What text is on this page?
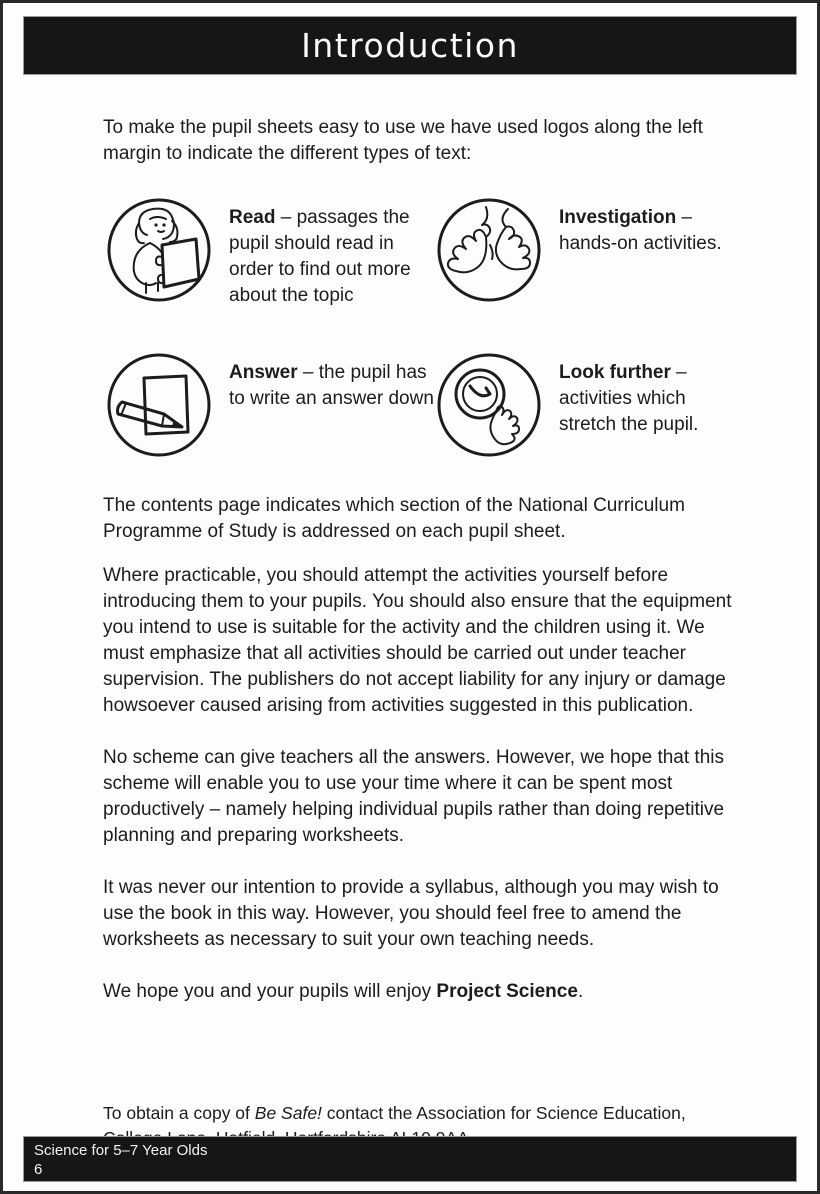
Introduction

To make the pupil sheets easy to use we have used logos along the left margin to indicate the different types of text:

Read – passages the pupil should read in order to find out more about the topic
Investigation – hands-on activities.
Answer – the pupil has to write an answer down
Look further – activities which stretch the pupil.

The contents page indicates which section of the National Curriculum Programme of Study is addressed on each pupil sheet.

Where practicable, you should attempt the activities yourself before introducing them to your pupils. You should also ensure that the equipment you intend to use is suitable for the activity and the children using it. We must emphasize that all activities should be carried out under teacher supervision. The publishers do not accept liability for any injury or damage howsoever caused arising from activities suggested in this publication.

No scheme can give teachers all the answers. However, we hope that this scheme will enable you to use your time where it can be spent most productively – namely helping individual pupils rather than doing repetitive planning and preparing worksheets.

It was never our intention to provide a syllabus, although you may wish to use the book in this way. However, you should feel free to amend the worksheets as necessary to suit your own teaching needs.

We hope you and your pupils will enjoy Project Science.

To obtain a copy of Be Safe! contact the Association for Science Education,

Science for 5–7 Year Olds
6
